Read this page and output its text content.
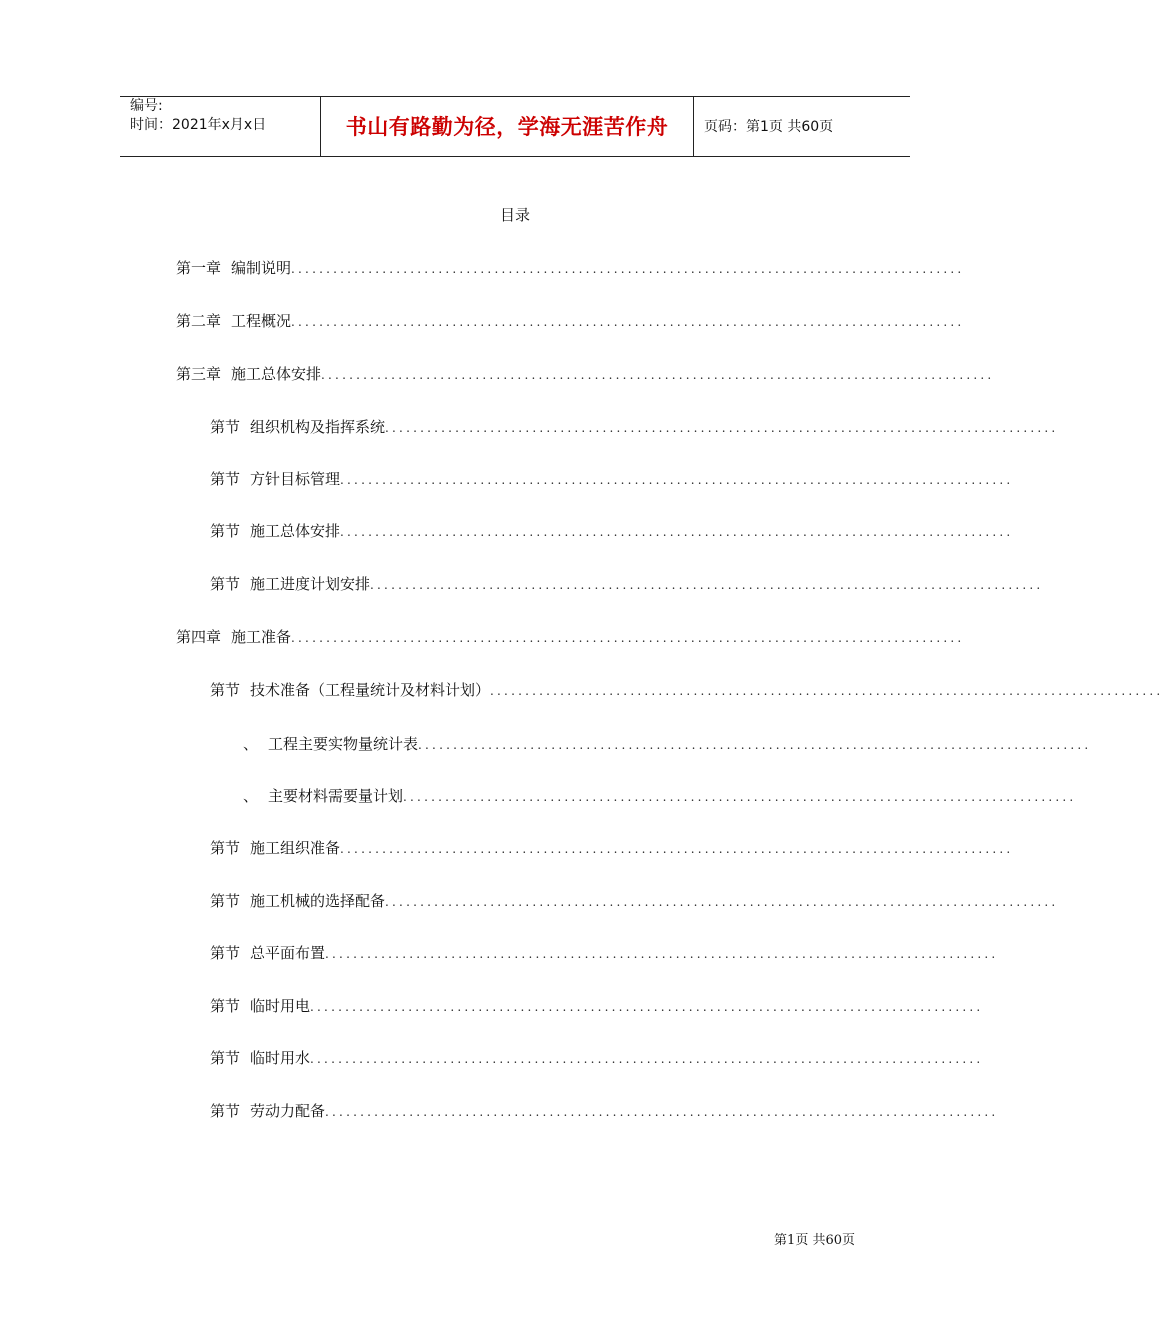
编号:
时间：2021年x月x日	书山有路勤为径，学海无涯苦作舟	页码：第1页 共60页
目录
第一章 编制说明 ................................................................................................
第二章 工程概况 ................................................................................................
第三章 施工总体安排 ................................................................................................
第节 组织机构及指挥系统 ................................................................................................
第节 方针目标管理 ................................................................................................
第节 施工总体安排 ................................................................................................
第节 施工进度计划安排 ................................................................................................
第四章 施工准备 ................................................................................................
第节 技术准备（工程量统计及材料计划） ................................................................................................
、 工程主要实物量统计表 ................................................................................................
、 主要材料需要量计划 ................................................................................................
第节 施工组织准备 ................................................................................................
第节 施工机械的选择配备 ................................................................................................
第节 总平面布置 ................................................................................................
第节 临时用电 ................................................................................................
第节 临时用水 ................................................................................................
第节 劳动力配备 ................................................................................................
第1页 共60页
